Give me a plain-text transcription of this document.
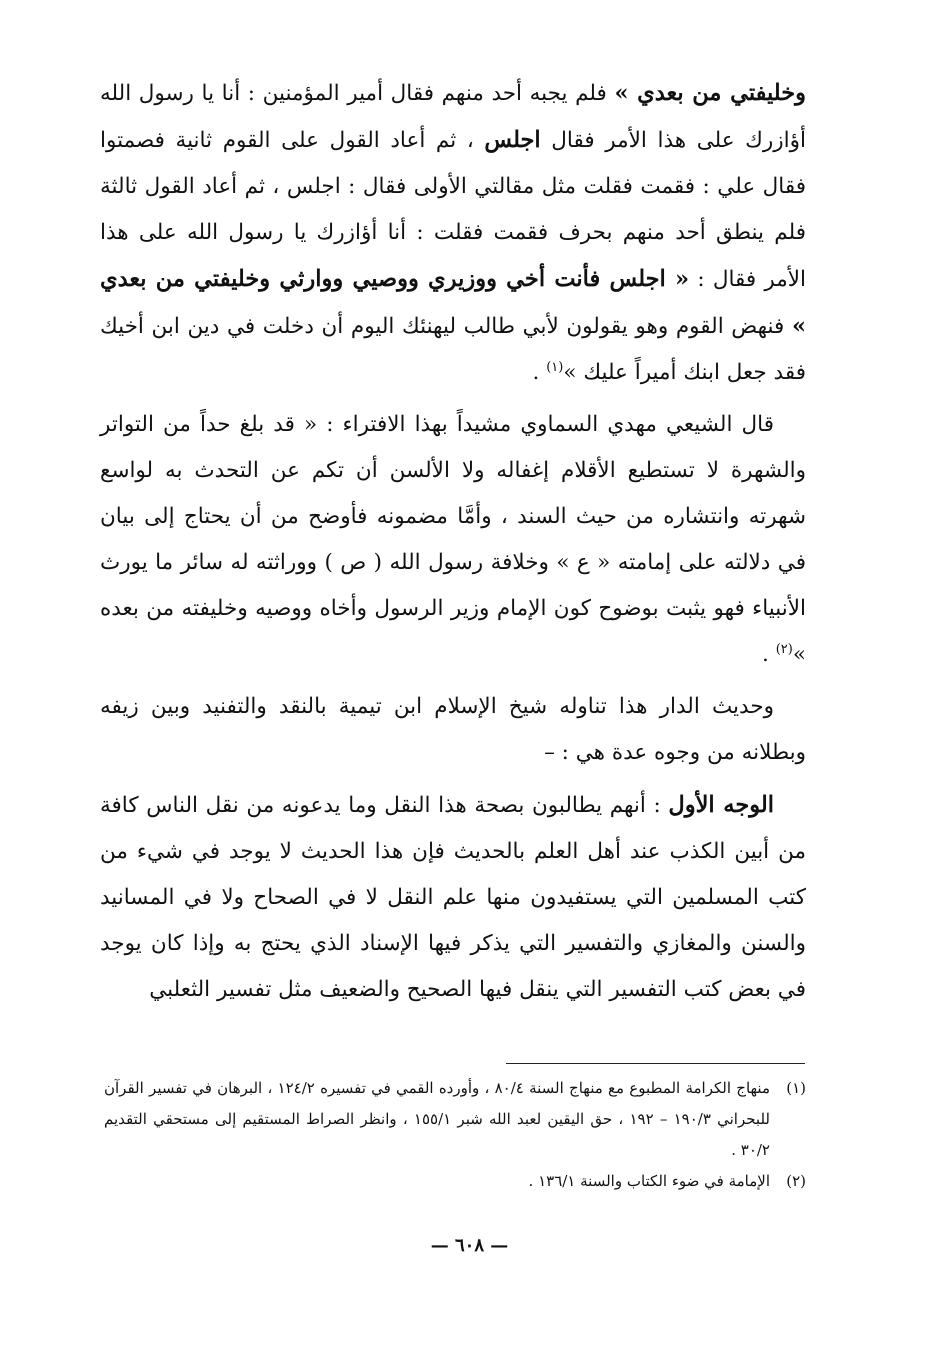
وخليفتي من بعدي » فلم يجبه أحد منهم فقال أمير المؤمنين : أنا يا رسول الله أؤازرك على هذا الأمر فقال اجلس ، ثم أعاد القول على القوم ثانية فصمتوا فقال علي : فقمت فقلت مثل مقالتي الأولى فقال : اجلس ، ثم أعاد القول ثالثة فلم ينطق أحد منهم بحرف فقمت فقلت : أنا أؤازرك يا رسول الله على هذا الأمر فقال : « اجلس فأنت أخي ووزيري ووصيي ووارثي وخليفتي من بعدي » فنهض القوم وهو يقولون لأبي طالب ليهنئك اليوم أن دخلت في دين ابن أخيك فقد جعل ابنك أميراً عليك »$^{(١)}$ .

قال الشيعي مهدي السماوي مشيداً بهذا الافتراء : « قد بلغ حداً من التواتر والشهرة لا تستطيع الأقلام إغفاله ولا الألسن أن تكم عن التحدث به لواسع شهرته وانتشاره من حيث السند ، وأمَّا مضمونه فأوضح من أن يحتاج إلى بيان في دلالته على إمامته « ع » وخلافة رسول الله ( ص ) ووراثته له سائر ما يورث الأنبياء فهو يثبت بوضوح كون الإمام وزير الرسول وأخاه ووصيه وخليفته من بعده »$^{(٢)}$ .

وحديث الدار هذا تناوله شيخ الإسلام ابن تيمية بالنقد والتفنيد وبين زيفه وبطلانه من وجوه عدة هي : –

الوجه الأول : أنهم يطالبون بصحة هذا النقل وما يدعونه من نقل الناس كافة من أبين الكذب عند أهل العلم بالحديث فإن هذا الحديث لا يوجد في شيء من كتب المسلمين التي يستفيدون منها علم النقل لا في الصحاح ولا في المسانيد والسنن والمغازي والتفسير التي يذكر فيها الإسناد الذي يحتج به وإذا كان يوجد في بعض كتب التفسير التي ينقل فيها الصحيح والضعيف مثل تفسير الثعلبي

(١)
منهاج الكرامة المطبوع مع منهاج السنة ٨٠/٤ ، وأورده القمي في تفسيره ١٢٤/٢ ، البرهان في تفسير القرآن للبحراني ١٩٠/٣ – ١٩٢ ، حق اليقين لعبد الله شبر ١٥٥/١ ، وانظر الصراط المستقيم إلى مستحقي التقديم ٣٠/٢ .

(٢)
الإمامة في ضوء الكتاب والسنة ١٣٦/١ .

— ٦٠٨ —
